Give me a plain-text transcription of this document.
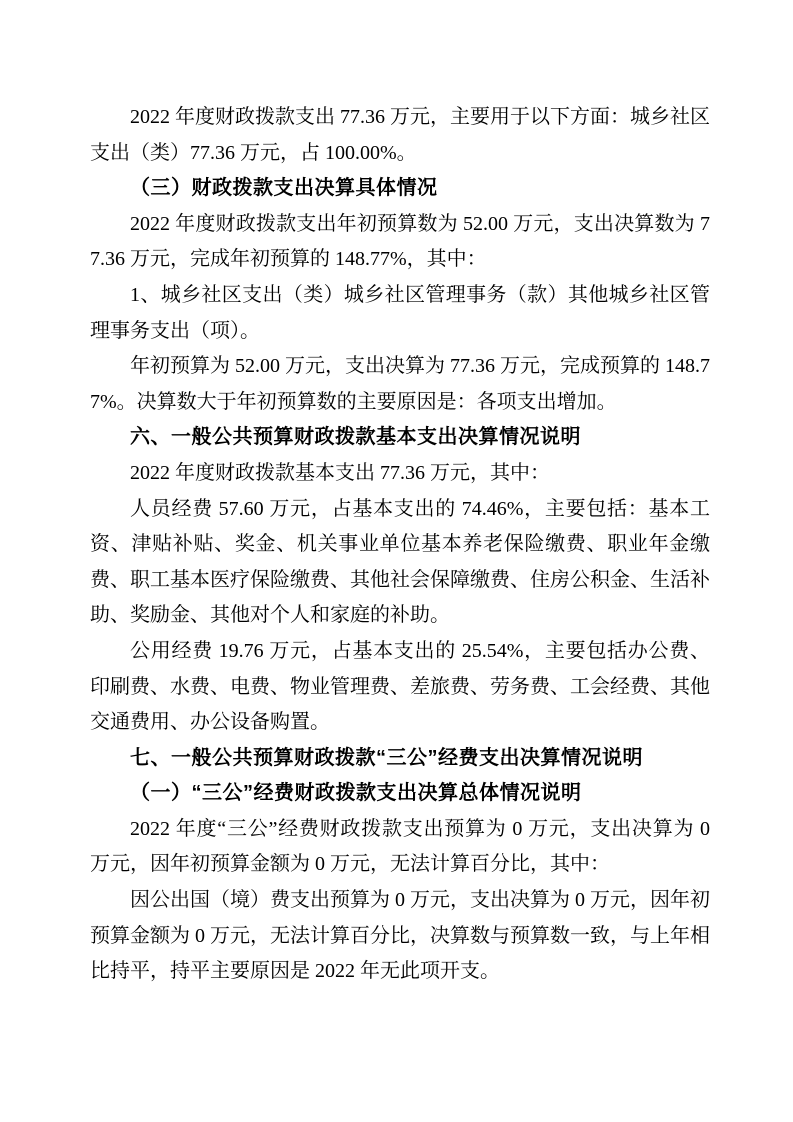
2022 年度财政拨款支出 77.36 万元，主要用于以下方面：城乡社区支出（类）77.36 万元，占 100.00%。

（三）财政拨款支出决算具体情况

2022 年度财政拨款支出年初预算数为 52.00 万元，支出决算数为 77.36 万元，完成年初预算的 148.77%，其中：

1、城乡社区支出（类）城乡社区管理事务（款）其他城乡社区管理事务支出（项）。

年初预算为 52.00 万元，支出决算为 77.36 万元，完成预算的 148.77%。决算数大于年初预算数的主要原因是：各项支出增加。

六、一般公共预算财政拨款基本支出决算情况说明

2022 年度财政拨款基本支出 77.36 万元，其中：

人员经费 57.60 万元，占基本支出的 74.46%，主要包括：基本工资、津贴补贴、奖金、机关事业单位基本养老保险缴费、职业年金缴费、职工基本医疗保险缴费、其他社会保障缴费、住房公积金、生活补助、奖励金、其他对个人和家庭的补助。

公用经费 19.76 万元，占基本支出的 25.54%，主要包括办公费、印刷费、水费、电费、物业管理费、差旅费、劳务费、工会经费、其他交通费用、办公设备购置。

七、一般公共预算财政拨款“三公”经费支出决算情况说明

（一）“三公”经费财政拨款支出决算总体情况说明

2022 年度“三公”经费财政拨款支出预算为 0 万元，支出决算为 0 万元，因年初预算金额为 0 万元，无法计算百分比，其中：

因公出国（境）费支出预算为 0 万元，支出决算为 0 万元，因年初预算金额为 0 万元，无法计算百分比，决算数与预算数一致，与上年相比持平，持平主要原因是 2022 年无此项开支。
